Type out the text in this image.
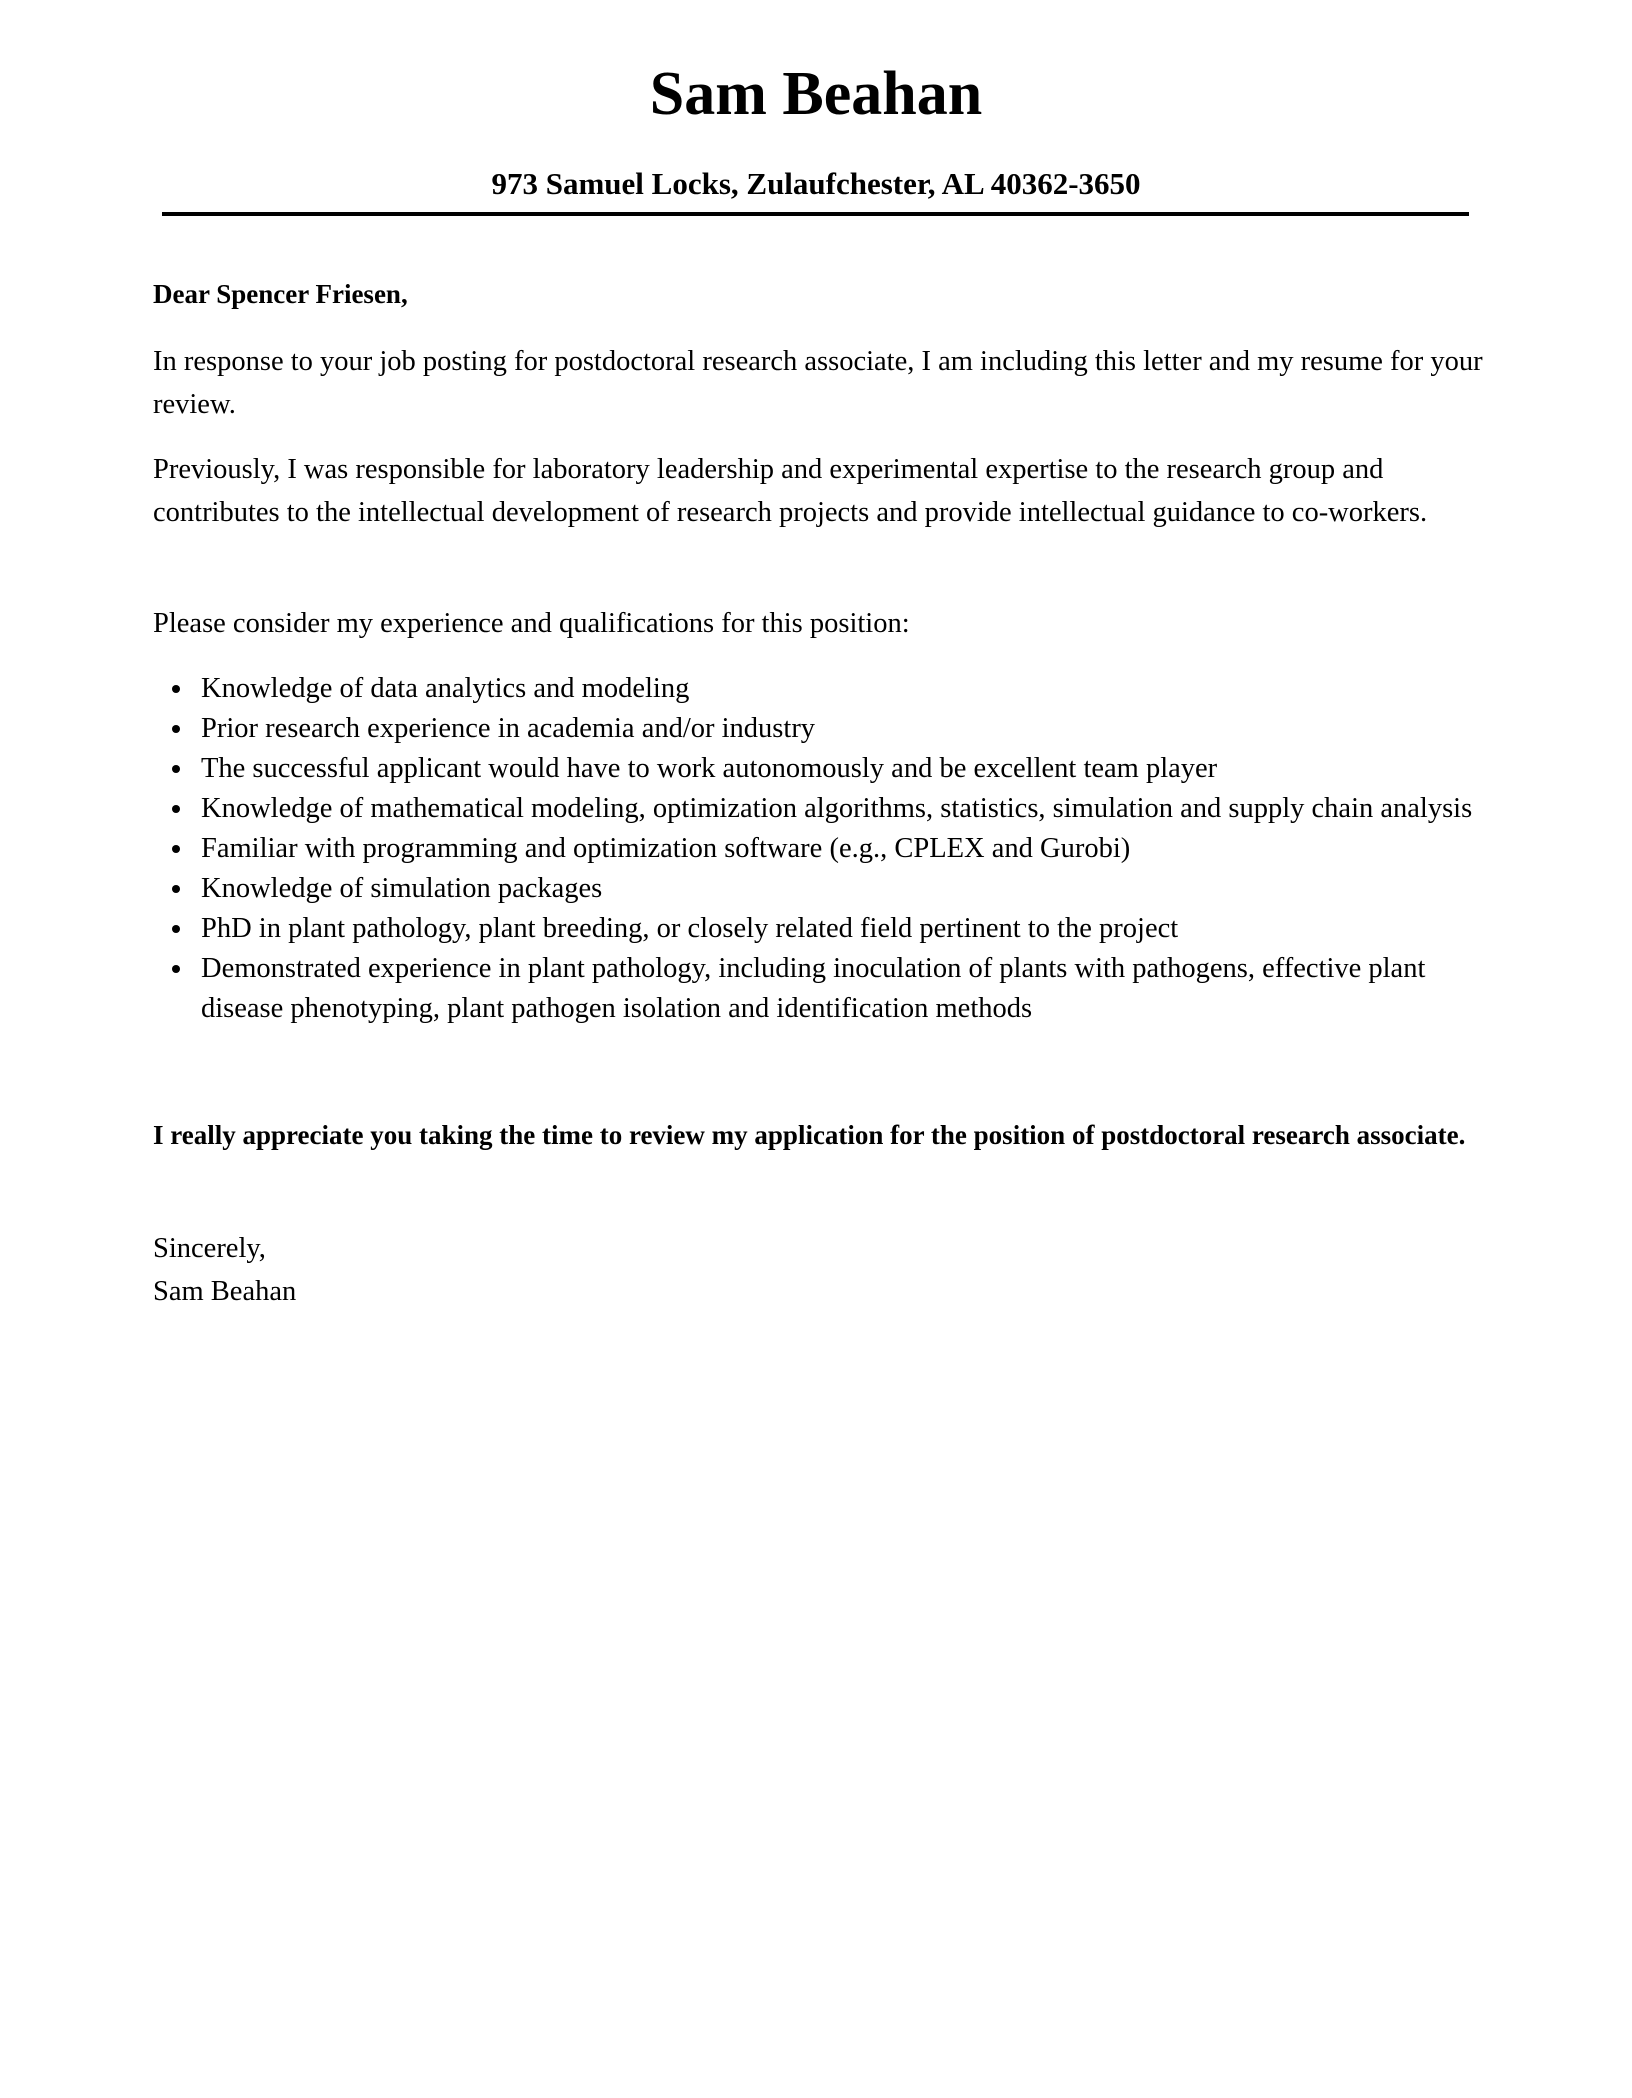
Sam Beahan
973 Samuel Locks, Zulaufchester, AL 40362-3650

Dear Spencer Friesen,

In response to your job posting for postdoctoral research associate, I am including this letter and my resume for your review.

Previously, I was responsible for laboratory leadership and experimental expertise to the research group and contributes to the intellectual development of research projects and provide intellectual guidance to co-workers.

Please consider my experience and qualifications for this position:

Knowledge of data analytics and modeling
Prior research experience in academia and/or industry
The successful applicant would have to work autonomously and be excellent team player
Knowledge of mathematical modeling, optimization algorithms, statistics, simulation and supply chain analysis
Familiar with programming and optimization software (e.g., CPLEX and Gurobi)
Knowledge of simulation packages
PhD in plant pathology, plant breeding, or closely related field pertinent to the project
Demonstrated experience in plant pathology, including inoculation of plants with pathogens, effective plant disease phenotyping, plant pathogen isolation and identification methods

I really appreciate you taking the time to review my application for the position of postdoctoral research associate.

Sincerely,
Sam Beahan
